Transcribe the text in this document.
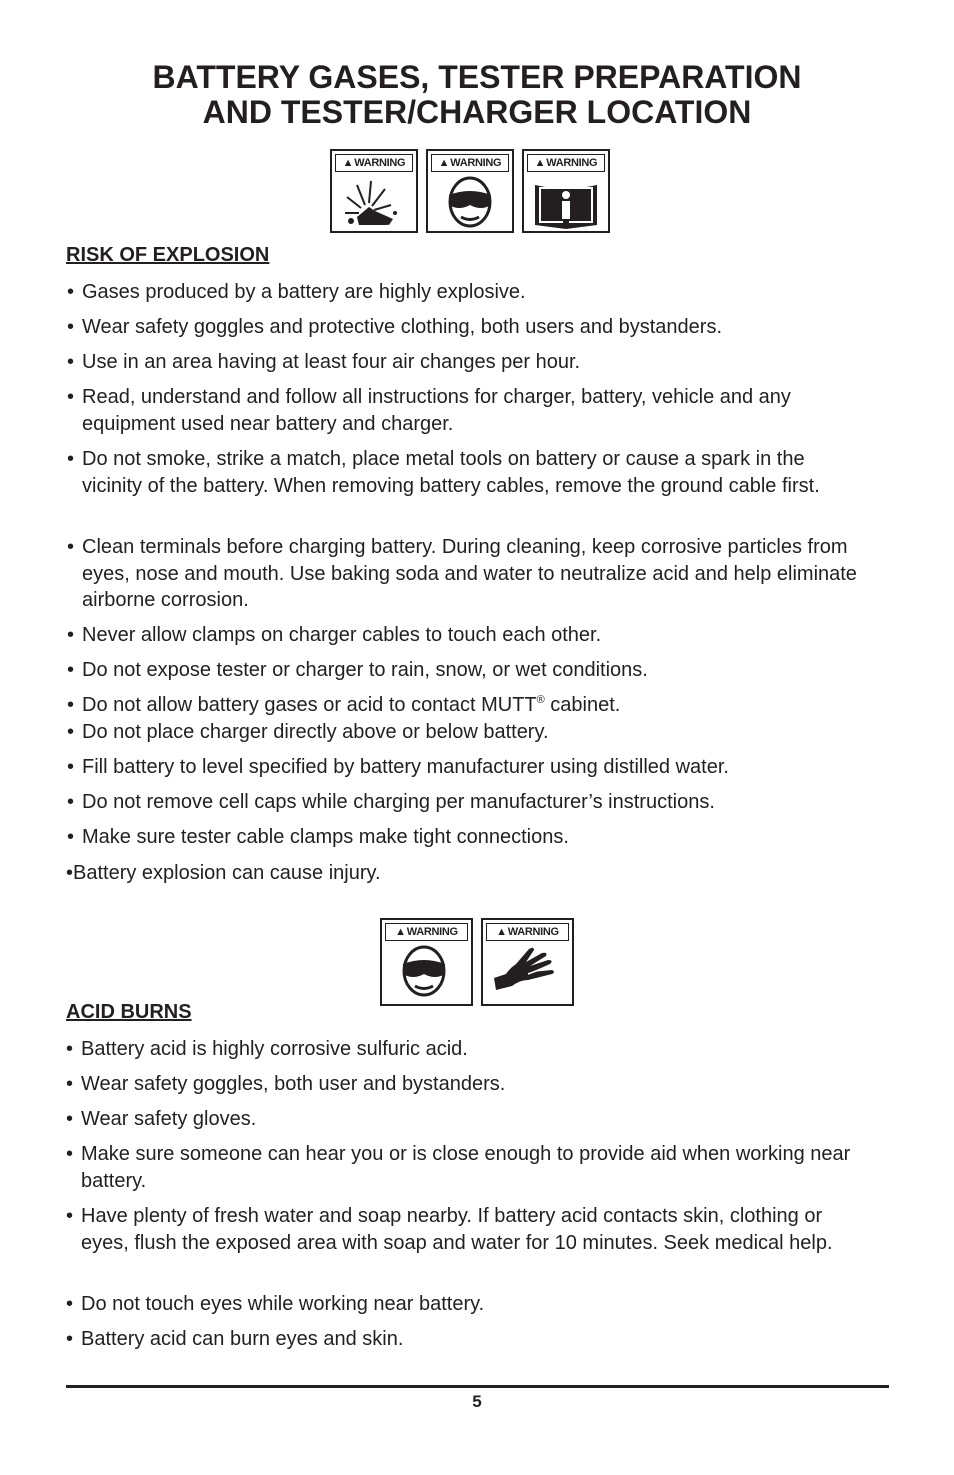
BATTERY GASES, TESTER PREPARATION
AND TESTER/CHARGER LOCATION
▲ WARNING	▲ WARNING	▲ WARNING
RISK OF EXPLOSION
• Gases produced by a battery are highly explosive.
• Wear safety goggles and protective clothing, both users and bystanders.
• Use in an area having at least four air changes per hour.
• Read, understand and follow all instructions for charger, battery, vehicle and any equipment used near battery and charger.
• Do not smoke, strike a match, place metal tools on battery or cause a spark in the vicinity of the battery. When removing battery cables, remove the ground cable first.
• Clean terminals before charging battery. During cleaning, keep corrosive particles from eyes, nose and mouth. Use baking soda and water to neutralize acid and help eliminate airborne corrosion.
• Never allow clamps on charger cables to touch each other.
• Do not expose tester or charger to rain, snow, or wet conditions.
• Do not allow battery gases or acid to contact MUTT® cabinet.
• Do not place charger directly above or below battery.
• Fill battery to level specified by battery manufacturer using distilled water.
• Do not remove cell caps while charging per manufacturer’s instructions.
• Make sure tester cable clamps make tight connections.
•Battery explosion can cause injury.
▲ WARNING	▲ WARNING
ACID BURNS
• Battery acid is highly corrosive sulfuric acid.
• Wear safety goggles, both user and bystanders.
• Wear safety gloves.
• Make sure someone can hear you or is close enough to provide aid when working near battery.
• Have plenty of fresh water and soap nearby. If battery acid contacts skin, clothing or eyes, flush the exposed area with soap and water for 10 minutes. Seek medical help.
• Do not touch eyes while working near battery.
• Battery acid can burn eyes and skin.
5
